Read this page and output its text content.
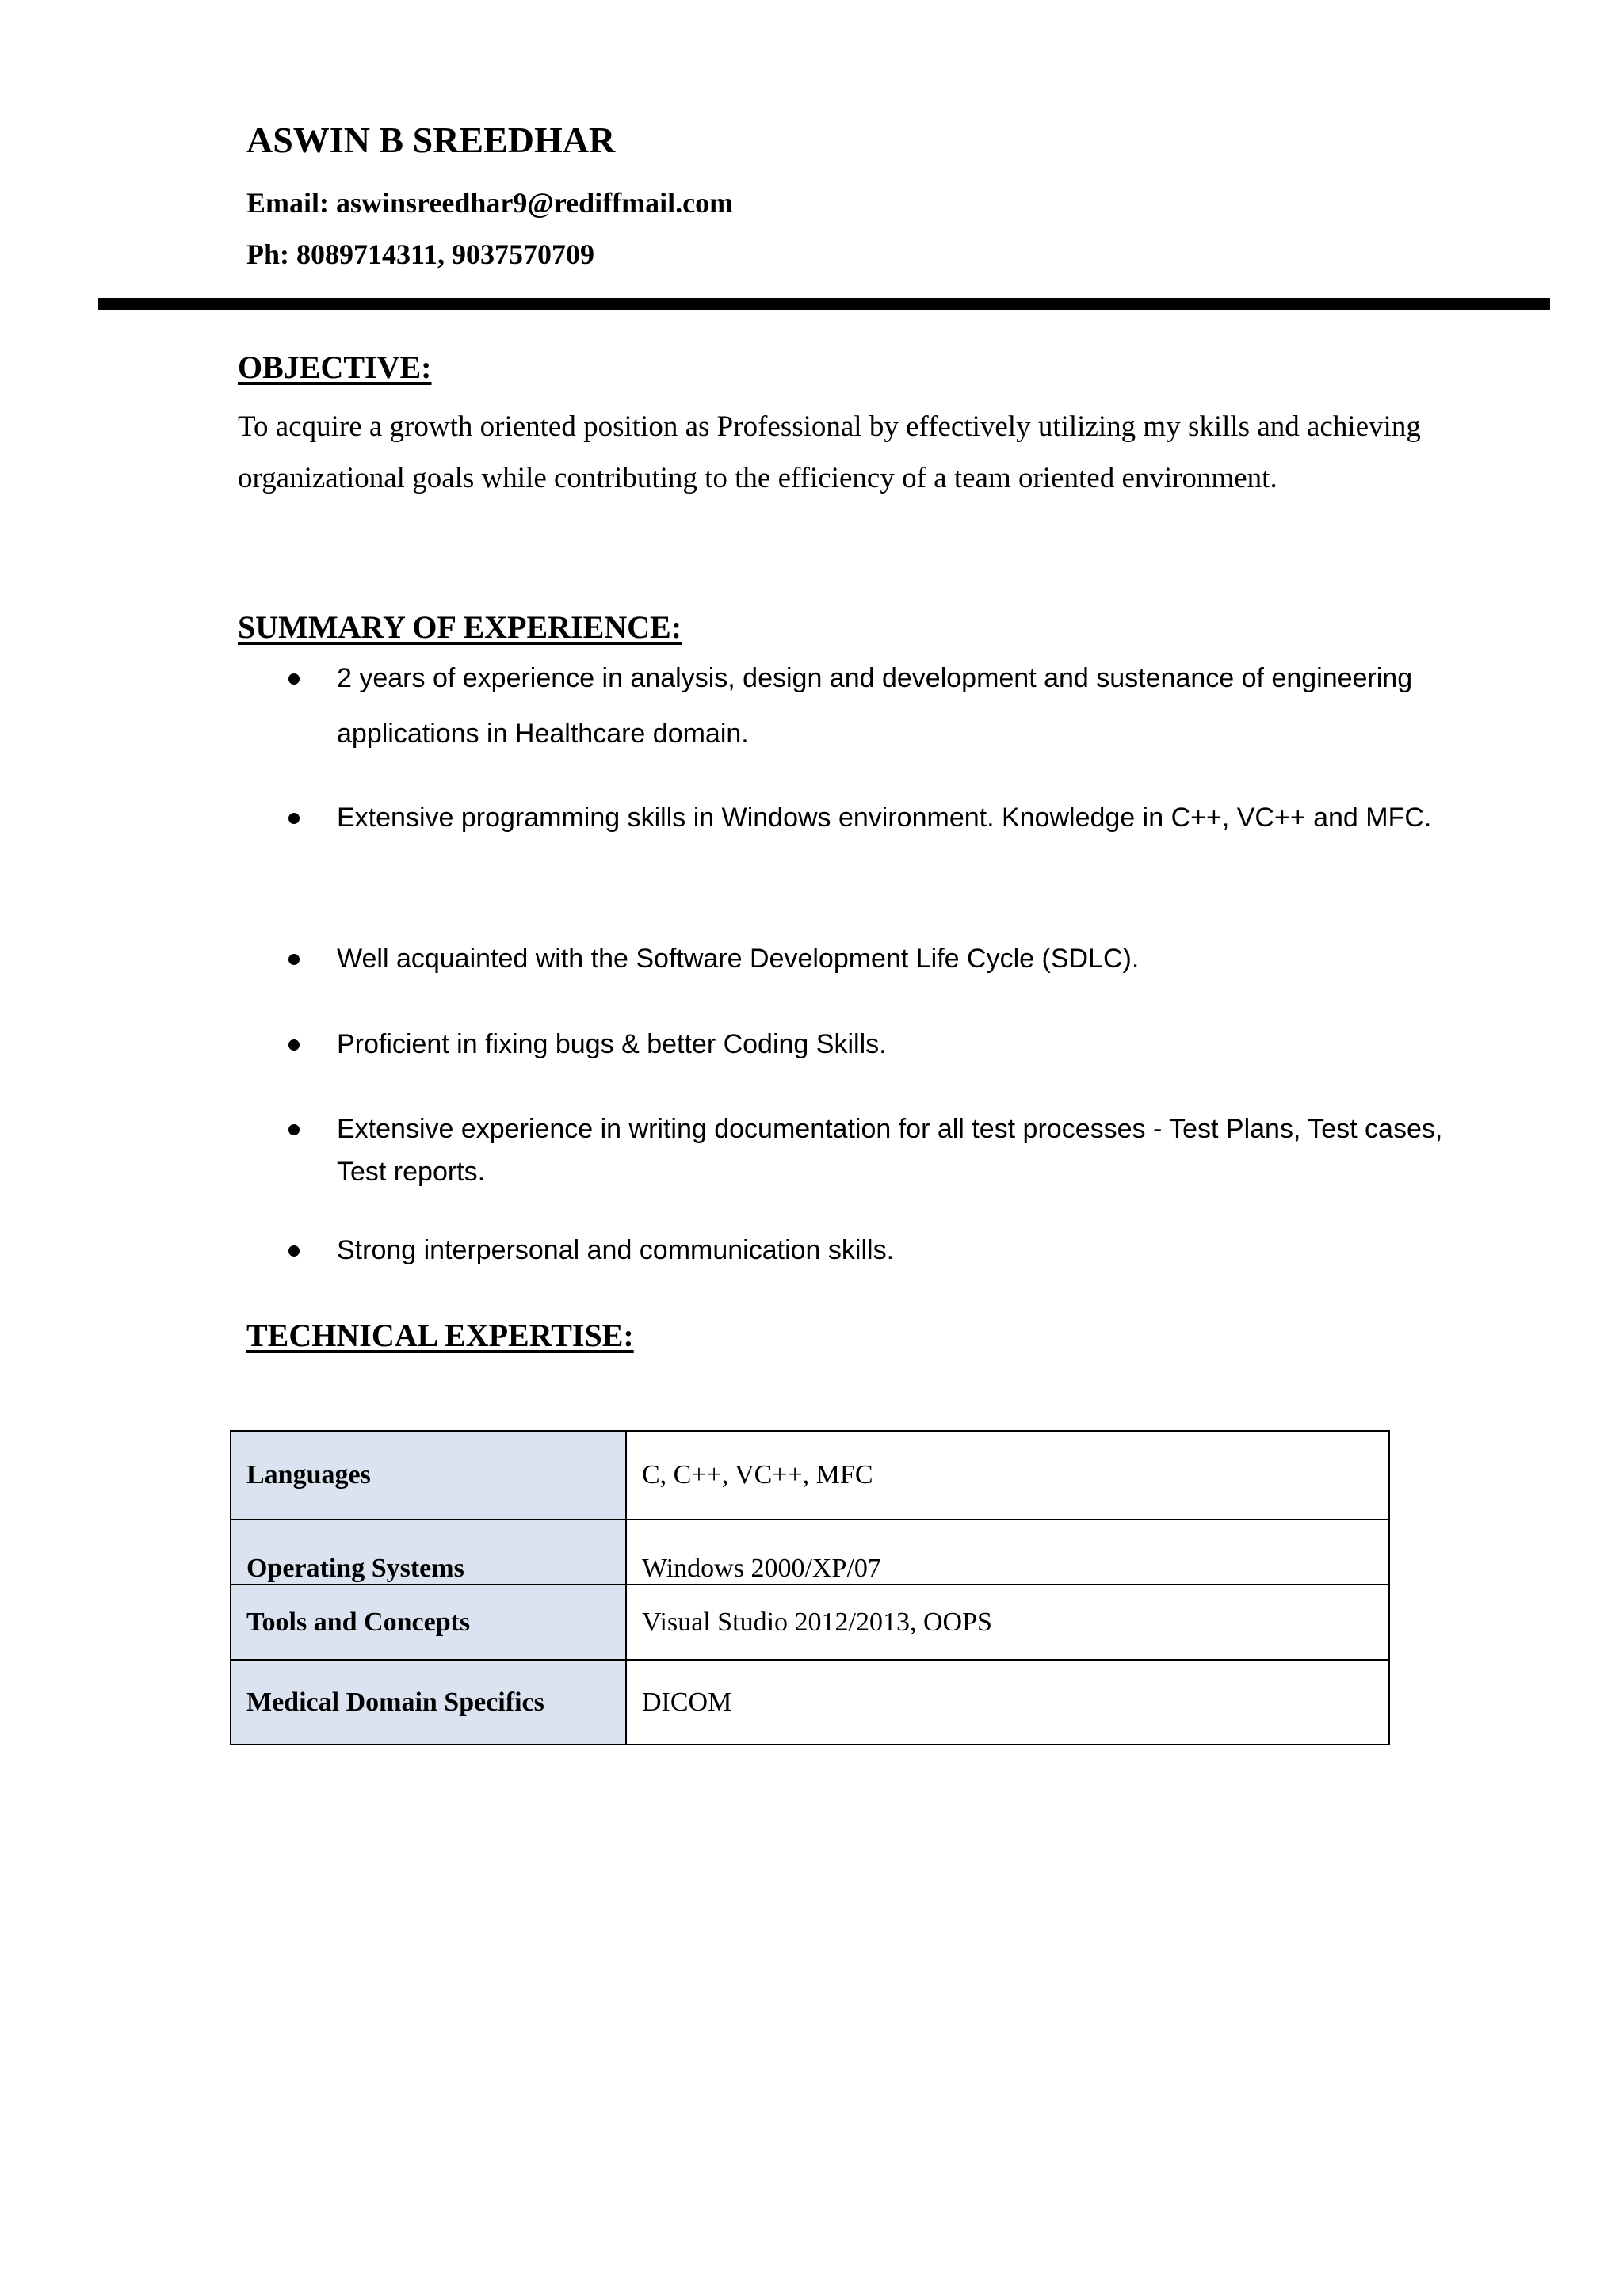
ASWIN B SREEDHAR
Email: aswinsreedhar9@rediffmail.com
Ph: 8089714311, 9037570709
OBJECTIVE:
To acquire a growth oriented position as Professional by effectively utilizing my skills and achieving organizational goals while contributing to the efficiency of a team oriented environment.
SUMMARY OF EXPERIENCE:
2 years of experience in analysis, design and development and sustenance of engineering applications in Healthcare domain.
Extensive programming skills in Windows environment. Knowledge in C++, VC++ and MFC.
Well acquainted with the Software Development Life Cycle (SDLC).
Proficient in fixing bugs & better Coding Skills.
Extensive experience in writing documentation for all test processes - Test Plans, Test cases, Test reports.
Strong interpersonal and communication skills.
TECHNICAL EXPERTISE:
Languages	C, C++, VC++, MFC
Operating Systems	Windows 2000/XP/07
Tools and Concepts	Visual Studio 2012/2013, OOPS
Medical Domain Specifics	DICOM
